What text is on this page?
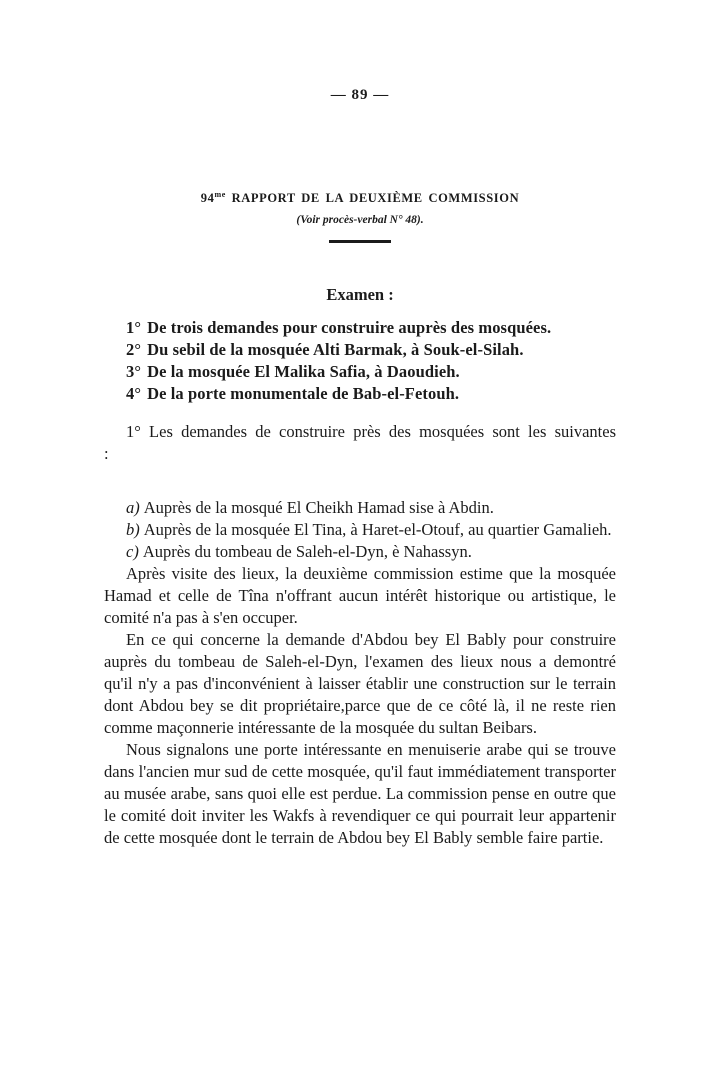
— 89 —
$94^{me}$ RAPPORT DE LA DEUXIÈME COMMISSION
(Voir procès-verbal N° 48).
Examen :
1° De trois demandes pour construire auprès des mosquées.
2° Du sebil de la mosquée Alti Barmak, à Souk-el-Silah.
3° De la mosquée El Malika Safia, à Daoudieh.
4° De la porte monumentale de Bab-el-Fetouh.

1° Les demandes de construire près des mosquées sont les suivantes :

a) Auprès de la mosqué El Cheikh Hamad sise à Abdin.

b) Auprès de la mosquée El Tina, à Haret-el-Otouf, au quartier Gamalieh.

c) Auprès du tombeau de Saleh-el-Dyn, è Nahassyn.

Après visite des lieux, la deuxième commission estime que la mosquée Hamad et celle de Tîna n'offrant aucun intérêt historique ou artistique, le comité n'a pas à s'en occuper.

En ce qui concerne la demande d'Abdou bey El Bably pour construire auprès du tombeau de Saleh-el-Dyn, l'examen des lieux nous a demontré qu'il n'y a pas d'inconvénient à laisser établir une construction sur le terrain dont Abdou bey se dit propriétaire,parce que de ce côté là, il ne reste rien comme maçonnerie intéressante de la mosquée du sultan Beibars.

Nous signalons une porte intéressante en menuiserie arabe qui se trouve dans l'ancien mur sud de cette mosquée, qu'il faut immédiatement transporter au musée arabe, sans quoi elle est perdue. La commission pense en outre que le comité doit inviter les Wakfs à revendiquer ce qui pourrait leur appartenir de cette mosquée dont le terrain de Abdou bey El Bably semble faire partie.
